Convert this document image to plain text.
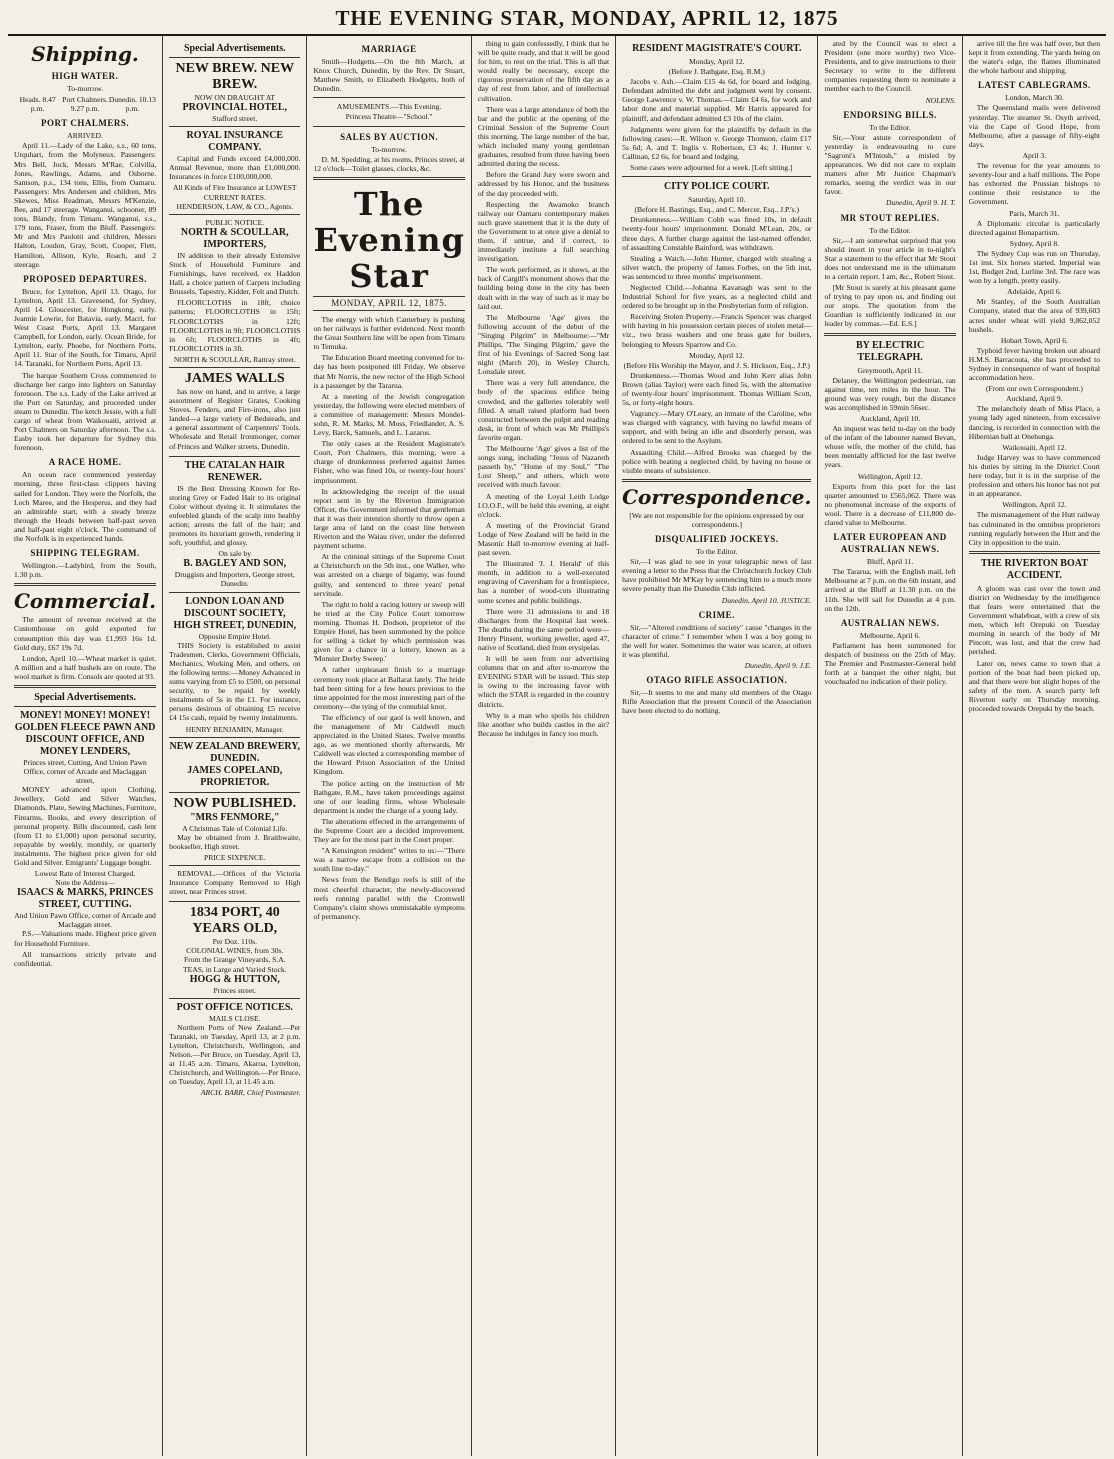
THE EVENING STAR, MONDAY, APRIL 12, 1875
Shipping.
HIGH WATER.
To-morrow.
Heads. 8.47 p.m.
Port Chalmers. 9.27 p.m.
Dunedin. 10.13 p.m.
PORT CHALMERS.
ARRIVED.

April 11.—Lady of the Lake, s.s., 60 tons, Urquhart, from the Molyneux. Passengers: Mrs Bell, Jock, Messrs M'Rae, Colvilla, Jones, Rawlings, Adams, and Osborne. Samson, p.s., 134 tons, Ellis, from Oamaru. Passengers: Mrs Andersen and children, Mrs Skewes, Miss Readman, Messrs M'Kenzie, Bee, and 17 steerage. Wanganui, schooner, 89 tons, Blandy, from Timaru. Wanganui, s.s., 179 tons, Fraser, from the Bluff. Passengers: Mr and Mrs Paolotti and children, Messrs Halton, Loudon, Gray, Scott, Cooper, Flett, Hamilton, Allison, Kyle, Roach, and 2 steerage.

PROPOSED DEPARTURES.

Bruce, for Lyttelton, April 13. Otago, for Lyttelton, April 13. Gravesend, for Sydney, April 14. Gloucester, for Hongkong, early. Jeannie Lowrie, for Batavia, early. Macri, for West Coast Ports, April 13. Margaret Campbell, for London, early. Ocean Bride, for Lyttelton, early. Phoebe, for Northern Ports, April 11. Star of the South, for Timaru, April 14. Taranaki, for Northern Ports, April 13.

The barque Southern Cross commenced to discharge her cargo into lighters on Saturday forenoon. The s.s. Lady of the Lake arrived at the Port on Saturday, and proceeded under steam to Dunedin. The ketch Jessie, with a full cargo of wheat from Waikouaiti, arrived at Port Chalmers on Saturday afternoon. The s.s. Easby took her departure for Sydney this forenoon.

A RACE HOME.

An ocean race commenced yesterday morning, three first-class clippers having sailed for London. They were the Norfolk, the Loch Maree, and the Hesperus, and they had an admirable start, with a steady breeze through the Heads between half-past seven and half-past eight o'clock. The command of the Norfolk is in experienced hands.

SHIPPING TELEGRAM.

Wellington.—Ladybird, from the South, 1.30 p.m.

Commercial.

The amount of revenue received at the Customhouse on gold exported for consumption this day was £1,993 16s 1d. Gold duty, £67 19s 7d.

London, April 10.—Wheat market is quiet. A million and a half bushels are on route. The wool market is firm. Consols are quoted at 93.

Special Advertisements.
MONEY! MONEY! MONEY!
GOLDEN FLEECE PAWN AND DISCOUNT OFFICE, AND MONEY LENDERS,
Princes street, Cutting, And Union Pawn Office, corner of Arcade and Maclaggan street,

MONEY advanced upon Clothing, Jewellery, Gold and Silver Watches, Diamonds, Plate, Sewing Machines, Furniture, Firearms, Books, and every description of personal property. Bills discounted, cash lent (from £1 to £1,000) upon personal security, repayable by weekly, monthly, or quarterly instalments. The highest price given for old Gold and Silver. Emigrants' Luggage bought.

Lowest Rate of Interest Charged.
Note the Address—
ISAACS & MARKS, PRINCES STREET, CUTTING.
And Union Pawn Office, corner of Arcade and Maclaggan street.

P.S.—Valuations made. Highest price given for Household Furniture.

All transactions strictly private and confidential.

Special Advertisements.
NEW BREW. NEW BREW.
NOW ON DRAUGHT AT
PROVINCIAL HOTEL,
Stafford street.
ROYAL INSURANCE COMPANY.

Capital and Funds exceed £4,000,000. Annual Revenue, more than £1,000,000. Insurances in force £100,000,000.

All Kinds of Fire Insurance at LOWEST CURRENT RATES.
HENDERSON, LAW, & CO., Agents.
PUBLIC NOTICE.
NORTH & SCOULLAR, IMPORTERS,

IN addition to their already Extensive Stock of Household Furniture and Furnishings, have received, ex Haddon Hall, a choice pattern of Carpets including Brussels, Tapestry, Kidder, Felt and Dutch.

FLOORCLOTHS in 18ft, choice patterns; FLOORCLOTHS in 15ft; FLOORCLOTHS in 12ft; FLOORCLOTHS in 9ft; FLOORCLOTHS in 6ft; FLOORCLOTHS in 4ft; FLOORCLOTHS in 3ft.

NORTH & SCOULLAR, Rattray street.
JAMES WALLS

has now on hand, and to arrive, a large assortment of Register Grates, Cooking Stoves, Fenders, and Fire-irons, also just landed—a large variety of Bedsteads, and a general assortment of Carpenters' Tools. Wholesale and Retail Ironmonger, corner of Princes and Walker streets, Dunedin.

THE CATALAN HAIR RENEWER.

IS the Best Dressing Known for Re-storing Grey or Faded Hair to its original Color without dyeing it. It stimulates the enfeebled glands of the scalp into healthy action; arrests the fall of the hair; and promotes its luxuriant growth, rendering it soft, youthful, and glossy.

On sale by
B. BAGLEY AND SON,
Druggists and Importers, George street, Dunedin.
LONDON LOAN AND DISCOUNT SOCIETY, HIGH STREET, DUNEDIN,
Opposite Empire Hotel.

THIS Society is established to assist Tradesmen, Clerks, Government Officials, Mechanics, Working Men, and others, on the following terms:—Money Advanced in sums varying from £5 to £500, on personal security, to be repaid by weekly instalments of 5s in the £1. For instance, persons desirous of obtaining £5 receive £4 15s cash, repaid by twenty instalments.

HENRY BENJAMIN, Manager.
NEW ZEALAND BREWERY, DUNEDIN.
JAMES COPELAND, PROPRIETOR.
NOW PUBLISHED.
"MRS FENMORE,"
A Christmas Tale of Colonial Life.

May be obtained from J. Braithwaite, bookseller, High street.

PRICE SIXPENCE.

REMOVAL.—Offices of the Victoria Insurance Company Removed to High street, near Princes street.

1834 PORT, 40 YEARS OLD,
Per Doz. 110s.
COLONIAL WINES, from 30s.
From the Grange Vineyards, S.A.
TEAS, in Large and Varied Stock.
HOGG & HUTTON,
Princes street.
POST OFFICE NOTICES.
MAILS CLOSE.

Northern Ports of New Zealand.—Per Taranaki, on Tuesday, April 13, at 2 p.m. Lyttelton, Christchurch, Wellington, and Nelson.—Per Bruce, on Tuesday, April 13, at 11.45 a.m. Timaru, Akaroa, Lyttelton, Christchurch, and Wellington.—Per Bruce, on Tuesday, April 13, at 11.45 a.m.

ARCH. BARR, Chief Postmaster.
MARRIAGE

Smith—Hodgetts.—On the 8th March, at Knox Church, Dunedin, by the Rev. Dr Stuart, Matthew Smith, to Elizabeth Hodgetts, both of Dunedin.

AMUSEMENTS.—This Evening.
Princess Theatre—"School."
SALES BY AUCTION.
To-morrow.

D. M. Spedding, at his rooms, Princes street, at 12 o'clock—Toilet glasses, clocks, &c.

The Evening Star
MONDAY, APRIL 12, 1875.

The energy with which Canterbury is pushing on her railways is further evidenced. Next month the Great Southern line will be open from Timaru to Temuka.

The Education Board meeting convened for to-day has been postponed till Friday. We observe that Mr Norris, the new rector of the High School is a passenger by the Tararua.

At a meeting of the Jewish congregation yesterday, the following were elected members of a committee of management: Messrs Mondel-sohn, R. M. Marks, M. Moss, Friedlander, A. S. Levy, Barck, Samuels, and L. Lazarus.

The only cases at the Resident Magistrate's Court, Port Chalmers, this morning, were a charge of drunkenness preferred against James Fisher, who was fined 10s, or twenty-four hours' imprisonment.

In acknowledging the receipt of the usual report sent in by the Riverton Immigration Officer, the Government informed that gentleman that it was their intention shortly to throw open a large area of land on the coast line between Riverton and the Waiau river, under the deferred payment scheme.

At the criminal sittings of the Supreme Court at Christchurch on the 5th inst., one Walker, who was arrested on a charge of bigamy, was found guilty, and sentenced to three years' penal servitude.

The right to hold a racing lottery or sweep will be tried at the City Police Court tomorrow morning. Thomas H. Dodson, proprietor of the Empire Hotel, has been summoned by the police for selling a ticket by which permission was given for a chance in a lottery, known as a 'Monster Derby Sweep.'

A rather unpleasant finish to a marriage ceremony took place at Ballarat lately. The bride had been sitting for a few hours previous to the time appointed for the most interesting part of the ceremony—the tying of the connubial knot.

The efficiency of our gaol is well known, and the management of Mr Caldwell much appreciated in the United States. Twelve months ago, as we mentioned shortly afterwards, Mr Caldwell was elected a corresponding member of the Howard Prison Association of the United Kingdom.

The police acting on the instruction of Mr Bathgate, R.M., have taken proceedings against one of our leading firms, whose Wholesale department is under the charge of a young lady.

The alterations effected in the arrangements of the Supreme Court are a decided improvement. They are for the most part in the Court proper.

"A Kensington resident" writes to us:—"There was a narrow escape from a collision on the south line to-day."

News from the Bendigo reefs is still of the most cheerful character, the newly-discovered reefs running parallel with the Cromwell Company's claim shows unmistakable symptoms of permanency.

thing to gain confessedly, I think that he will be quite ready, and that it will be good for him, to rest on the trial. This is all that would really be necessary, except the rigorous preservation of the fifth day as a day of rest from labor, and of intellectual cultivation.

There was a large attendance of both the bar and the public at the opening of the Criminal Session of the Supreme Court this morning. The large number of the bar, which included many young gentleman graduates, resulted from three having been admitted during the recess.

Before the Grand Jury were sworn and addressed by his Honor, and the business of the day proceeded with.

Respecting the Awamoko branch railway our Oamaru contemporary makes such grave statement that it is the duty of the Government to at once give a denial to them, if untrue, and if correct, to immediately institute a full searching investigation.

The work performed, as it shows, at the back of Cargill's monument shows that the building being done in the city has been dealt with in the way of such as it may be laid out.

The Melbourne 'Age' gives the following account of the debut of the "Singing Pilgrim" in Melbourne:—"Mr Phillips, 'The Singing Pilgrim,' gave the first of his Evenings of Sacred Song last night (March 20), in Wesley Church, Lonsdale street.

There was a very full attendance, the body of the spacious edifice being crowded, and the galleries tolerably well filled. A small raised platform had been constructed between the pulpit and reading desk, in front of which was Mr Phillips's favorite organ.

The Melbourne 'Age' gives a list of the songs sung, including "Jesus of Nazareth passeth by," "Home of my Soul," "The Lost Sheep," and others, which were received with much favour.

A meeting of the Loyal Leith Lodge I.O.O.F., will be held this evening, at eight o'clock.

A meeting of the Provincial Grand Lodge of New Zealand will be held in the Masonic Hall to-morrow evening at half-past seven.

The Illustrated 'J. J. Herald' of this month, in addition to a well-executed engraving of Caversham for a frontispiece, has a number of wood-cuts illustrating some scenes and public buildings.

There were 31 admissions to and 18 discharges from the Hospital last week. The deaths during the same period were—Henry Pinsent, working jeweller, aged 47, native of Scotland, died from erysipelas.

It will be seen from our advertising columns that on and after to-morrow the EVENING STAR will be issued. This step is owing to the increasing favor with which the STAR is regarded in the country districts.

Why is a man who spoils his children like another who builds castles in the air? Because he indulges in fancy too much.

RESIDENT MAGISTRATE'S COURT.
Monday, April 12.
(Before J. Bathgate, Esq. R.M.)

Jacobs v. Ash.—Claim £15 4s 6d, for board and lodging. Defendant admitted the debt and judgment went by consent. George Lawrence v. W. Thomas.—Claim £4 6s, for work and labor done and material supplied. Mr Harris appeared for plaintiff, and defendant admitted £3 10s of the claim.

Judgments were given for the plaintiffs by default in the following cases:—R. Wilson v. George Thomson, claim £17 5s 6d; A. and T. Inglis v. Robertson, £3 4s; J. Hunter v. Callinan, £2 6s, for board and lodging.

Some cases were adjourned for a week. [Left sitting.]

CITY POLICE COURT.
Saturday, April 10.
(Before H. Bastings, Esq., and C. Mercer, Esq., J.P.'s.)

Drunkenness.—William Cobb was fined 10s, in default twenty-four hours' imprisonment. Donald M'Lean, 20s, or three days. A further charge against the last-named offender, of assaulting Constable Bainford, was withdrawn.

Stealing a Watch.—John Hunter, charged with stealing a silver watch, the property of James Forbes, on the 5th inst, was sentenced to three months' imprisonment.

Neglected Child.—Johanna Kavanagh was sent to the Industrial School for five years, as a neglected child and ordered to be brought up in the Presbyterian form of religion.

Receiving Stolen Property.—Francis Spencer was charged with having in his possession certain pieces of stolen metal—viz., two brass washers and one brass gate for boilers, belonging to Messrs Sparrow and Co.

Monday, April 12.
(Before His Worship the Mayor, and J. S. Hickson, Esq., J.P.)

Drunkenness.—Thomas Wood and John Kerr alias John Brown (alias Taylor) were each fined 5s, with the alternative of twenty-four hours' imprisonment. Thomas William Scott, 5s, or forty-eight hours.

Vagrancy.—Mary O'Leary, an inmate of the Caroline, who was charged with vagrancy, with having no lawful means of support, and with being an idle and disorderly person, was ordered to be sent to the Asylum.

Assaulting Child.—Alfred Brooks was charged by the police with beating a neglected child, by having no house or visible means of subsistence.

Correspondence.
[We are not responsible for the opinions expressed by our correspondents.]
DISQUALIFIED JOCKEYS.
To the Editor.

Sir,—I was glad to see in your telegraphic news of last evening a letter to the Press that the Christchurch Jockey Club have prohibited Mr M'Kay by sentencing him to a much more severe penalty than the Dunedin Club inflicted.

Dunedin, April 10. JUSTICE.
CRIME.

Sir,—"Altered conditions of society" cause "changes in the character of crime." I remember when I was a boy going to the well for water. Sometimes the water was scarce, at others it was plentiful.

Dunedin, April 9. J.E.
OTAGO RIFLE ASSOCIATION.

Sir,—It seems to me and many old members of the Otago Rifle Association that the present Council of the Association have been elected to do nothing.

ated by the Council was to elect a President (one more worthy) two Vice-Presidents, and to give instructions to their Secretary to write to the different companies requesting them to nominate a member each to the Council.

NOLENS.
ENDORSING BILLS.
To the Editor.

Sir,—Your astute correspondent of yesterday is endeavouring to cure "Sagroni's M'Intosh," a misled by appearances. We did not care to explain matters after Mr Justice Chapman's remarks, seeing the verdict was in our favor.

Dunedin, April 9. H. T.
MR STOUT REPLIES.
To the Editor.

Sir,—I am somewhat surprised that you should insert in your article in to-night's Star a statement to the effect that Mr Stout does not understand me in the ultimatum to a certain report. I am, &c., Robert Stout.

[Mr Stout is surely at his pleasant game of trying to pay upon us, and finding out our stops. The quotation from the Guardian is sufficiently indicated in our leader by commas.—Ed. E.S.]

BY ELECTRIC TELEGRAPH.
Greymouth, April 11.

Delaney, the Wellington pedestrian, ran against time, ten miles in the hour. The ground was very rough, but the distance was accomplished in 59min 56sec.

Auckland, April 10.

An inquest was held to-day on the body of the infant of the labourer named Bevan, whose wife, the mother of the child, has been mentally afflicted for the last twelve years.

Wellington, April 12.

Exports from this port for the last quarter amounted to £565,062. There was no phenomenal increase of the exports of wool. There is a decrease of £11,800 de-clared value to Melbourne.

LATER EUROPEAN AND AUSTRALIAN NEWS.
Bluff, April 11.

The Tararua, with the English mail, left Melbourne at 7 p.m. on the 6th instant, and arrived at the Bluff at 11.30 p.m. on the 11th. She will sail for Dunedin at 4 p.m. on the 12th.

AUSTRALIAN NEWS.
Melbourne, April 6.

Parliament has been summoned for despatch of business on the 25th of May. The Premier and Postmaster-General held forth at a banquet the other night, but vouchsafed no indication of their policy.

arrive till the fire was half over, but then kept it from extending. The yards being on the water's edge, the flames illuminated the whole harbour and shipping.

LATEST CABLEGRAMS.
London, March 30.

The Queensland mails were delivered yesterday. The steamer St. Osyth arrived, via the Cape of Good Hope, from Melbourne, after a passage of fifty-eight days.

April 3.

The revenue for the year amounts to seventy-four and a half millions. The Pope has exhorted the Prussian bishops to continue their resistance to the Government.

Paris, March 31.

A Diplomatic circular is particularly directed against Bonapartism.

Sydney, April 8.

The Sydney Cup was run on Thursday, 1st inst. Six horses started. Imperial was 1st, Budget 2nd, Lurline 3rd. The race was won by a length, pretty easily.

Adelaide, April 6.

Mr Stanley, of the South Australian Company, stated that the area of 939,603 acres under wheat will yield 9,862,052 bushels.

Hobart Town, April 6.

Typhoid fever having broken out aboard H.M.S. Barracouta, she has proceeded to Sydney in consequence of want of hospital accommodation here.

(From our own Correspondent.)
Auckland, April 9.

The melancholy death of Miss Place, a young lady aged nineteen, from excessive dancing, is recorded in connection with the Hibernian ball at Onehunga.

Waikouaiti, April 12.

Judge Harvey was to have commenced his duties by sitting in the District Court here today, but it is in the surprise of the profession and others his honor has not put in an appearance.

Wellington, April 12.

The mismanagement of the Hutt railway has culminated in the omnibus proprietors running regularly between the Hutt and the City in opposition to the train.

THE RIVERTON BOAT ACCIDENT.

A gloom was cast over the town and district on Wednesday by the intelligence that fears were entertained that the Government whaleboat, with a crew of six men, which left Orepuki on Tuesday morning in search of the body of Mr Pincott, was lost, and that the crew had perished.

Later on, news came to town that a portion of the boat had been picked up, and that there were but slight hopes of the safety of the men. A search party left Riverton early on Thursday morning, proceeded towards Orepuki by the beach.
